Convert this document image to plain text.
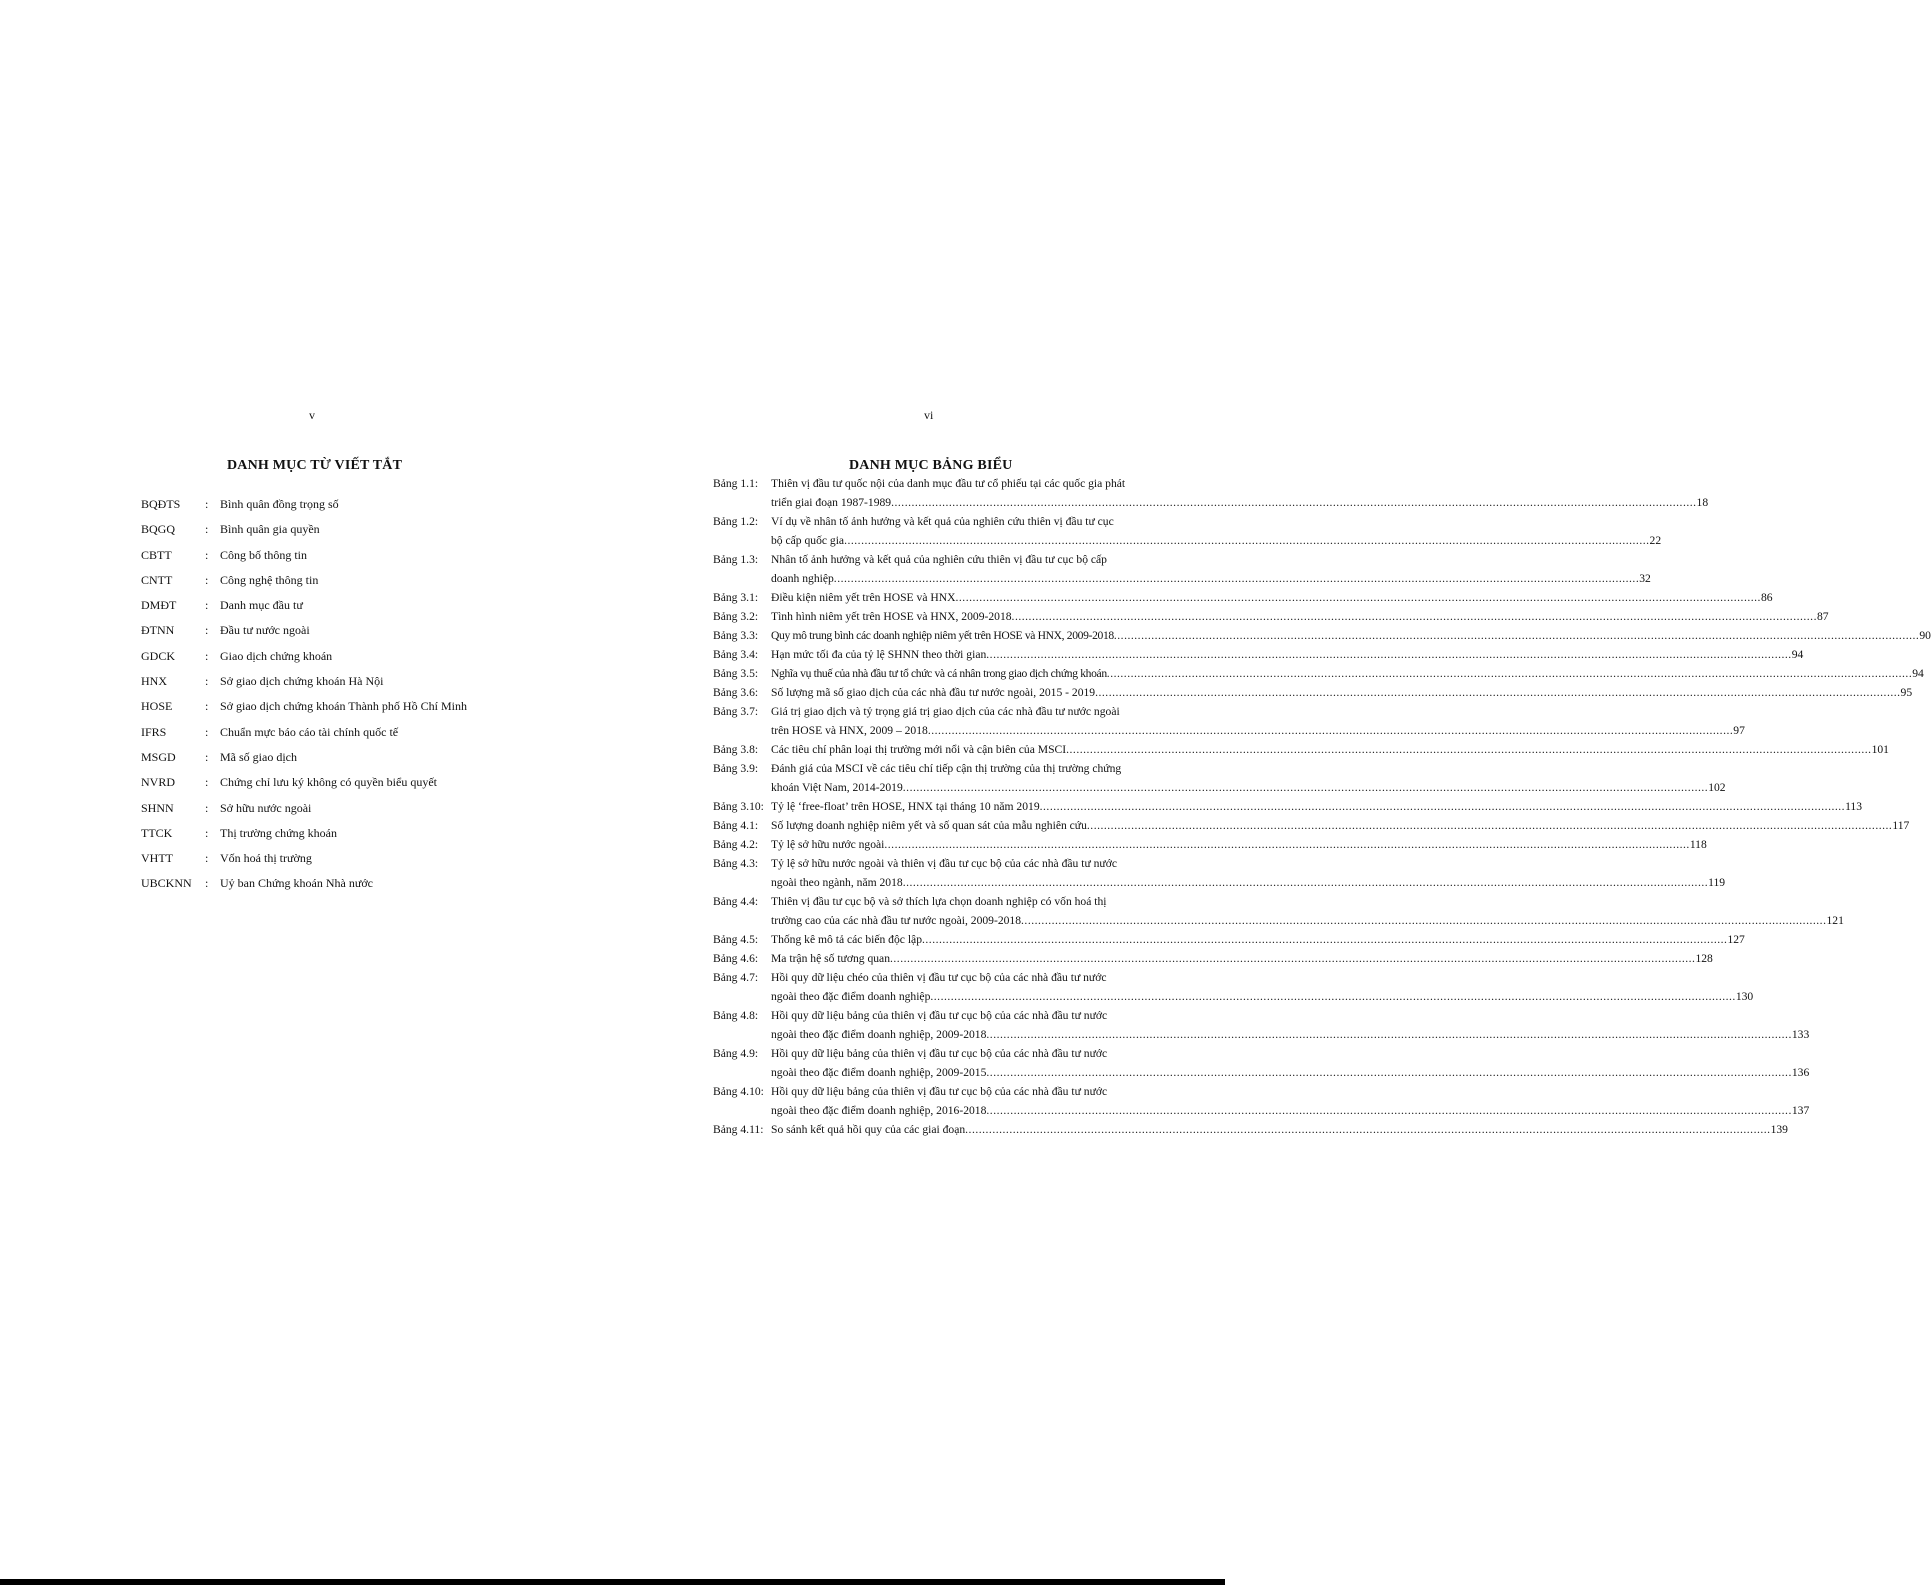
v
DANH MỤC TỪ VIẾT TẮT
BQĐTS	: Bình quân đồng trọng số
BQGQ	: Bình quân gia quyền
CBTT	: Công bố thông tin
CNTT	: Công nghệ thông tin
DMĐT	: Danh mục đầu tư
ĐTNN	: Đầu tư nước ngoài
GDCK	: Giao dịch chứng khoán
HNX	: Sở giao dịch chứng khoán Hà Nội
HOSE	: Sở giao dịch chứng khoán Thành phố Hồ Chí Minh
IFRS	: Chuẩn mực báo cáo tài chính quốc tế
MSGD	: Mã số giao dịch
NVRD	: Chứng chỉ lưu ký không có quyền biểu quyết
SHNN	: Sở hữu nước ngoài
TTCK	: Thị trường chứng khoán
VHTT	: Vốn hoá thị trường
UBCKNN	: Uỷ ban Chứng khoán Nhà nước
vi
DANH MỤC BẢNG BIỂU
Bảng 1.1:	Thiên vị đầu tư quốc nội của danh mục đầu tư cổ phiếu tại các quốc gia phát
triển giai đoạn 1987-1989 .....	18
Bảng 1.2:	Ví dụ về nhân tố ảnh hưởng và kết quả của nghiên cứu thiên vị đầu tư cục
bộ cấp quốc gia .....	22
Bảng 1.3:	Nhân tố ảnh hưởng và kết quả của nghiên cứu thiên vị đầu tư cục bộ cấp
doanh nghiệp .....	32
Bảng 3.1:	Điều kiện niêm yết trên HOSE và HNX .....	86
Bảng 3.2:	Tình hình niêm yết trên HOSE và HNX, 2009-2018 .....	87
Bảng 3.3:	Quy mô trung bình các doanh nghiệp niêm yết trên HOSE và HNX, 2009-2018 .....	90
Bảng 3.4:	Hạn mức tối đa của tỷ lệ SHNN theo thời gian .....	94
Bảng 3.5:	Nghĩa vụ thuế của nhà đầu tư tổ chức và cá nhân trong giao dịch chứng khoán .....	94
Bảng 3.6:	Số lượng mã số giao dịch của các nhà đầu tư nước ngoài, 2015 - 2019 .....	95
Bảng 3.7:	Giá trị giao dịch và tỷ trọng giá trị giao dịch của các nhà đầu tư nước ngoài
trên HOSE và HNX, 2009 – 2018 .....	97
Bảng 3.8:	Các tiêu chí phân loại thị trường mới nổi và cận biên của MSCI .....	101
Bảng 3.9:	Đánh giá của MSCI về các tiêu chí tiếp cận thị trường của thị trường chứng
khoán Việt Nam, 2014-2019 .....	102
Bảng 3.10: Tỷ lệ ‘free-float’ trên HOSE, HNX tại tháng 10 năm 2019 .....	113
Bảng 4.1:	Số lượng doanh nghiệp niêm yết và số quan sát của mẫu nghiên cứu .....	117
Bảng 4.2:	Tỷ lệ sở hữu nước ngoài .....	118
Bảng 4.3:	Tỷ lệ sở hữu nước ngoài và thiên vị đầu tư cục bộ của các nhà đầu tư nước
ngoài theo ngành, năm 2018 .....	119
Bảng 4.4:	Thiên vị đầu tư cục bộ và sở thích lựa chọn doanh nghiệp có vốn hoá thị
trường cao của các nhà đầu tư nước ngoài, 2009-2018 .....	121
Bảng 4.5:	Thống kê mô tả các biến độc lập .....	127
Bảng 4.6:	Ma trận hệ số tương quan .....	128
Bảng 4.7:	Hồi quy dữ liệu chéo của thiên vị đầu tư cục bộ của các nhà đầu tư nước
ngoài theo đặc điểm doanh nghiệp .....	130
Bảng 4.8:	Hồi quy dữ liệu bảng của thiên vị đầu tư cục bộ của các nhà đầu tư nước
ngoài theo đặc điểm doanh nghiệp, 2009-2018 .....	133
Bảng 4.9:	Hồi quy dữ liệu bảng của thiên vị đầu tư cục bộ của các nhà đầu tư nước
ngoài theo đặc điểm doanh nghiệp, 2009-2015 .....	136
Bảng 4.10: Hồi quy dữ liệu bảng của thiên vị đầu tư cục bộ của các nhà đầu tư nước
ngoài theo đặc điểm doanh nghiệp, 2016-2018 .....	137
Bảng 4.11: So sánh kết quả hồi quy của các giai đoạn .....	139
